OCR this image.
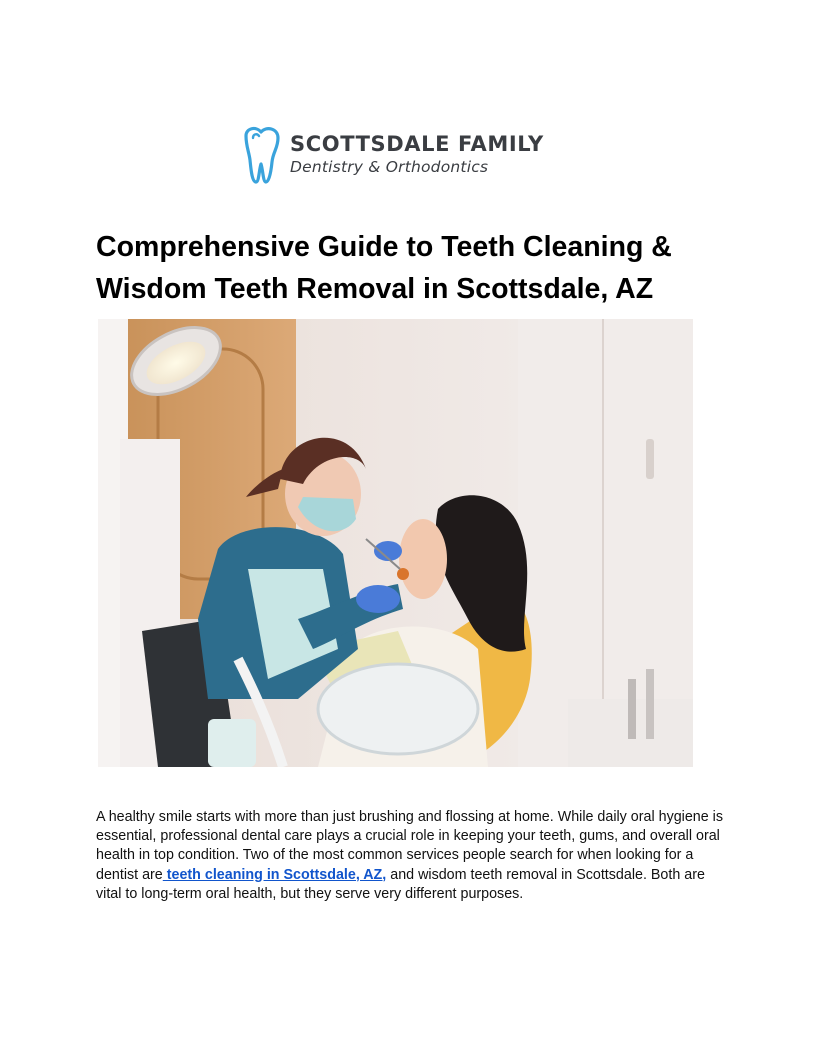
SCOTTSDALE FAMILY
Dentistry & Orthodontics
Comprehensive Guide to Teeth Cleaning & Wisdom Teeth Removal in Scottsdale, AZ

A healthy smile starts with more than just brushing and flossing at home. While daily oral hygiene is essential, professional dental care plays a crucial role in keeping your teeth, gums, and overall oral health in top condition. Two of the most common services people search for when looking for a dentist are teeth cleaning in Scottsdale, AZ, and wisdom teeth removal in Scottsdale. Both are vital to long-term oral health, but they serve very different purposes.
